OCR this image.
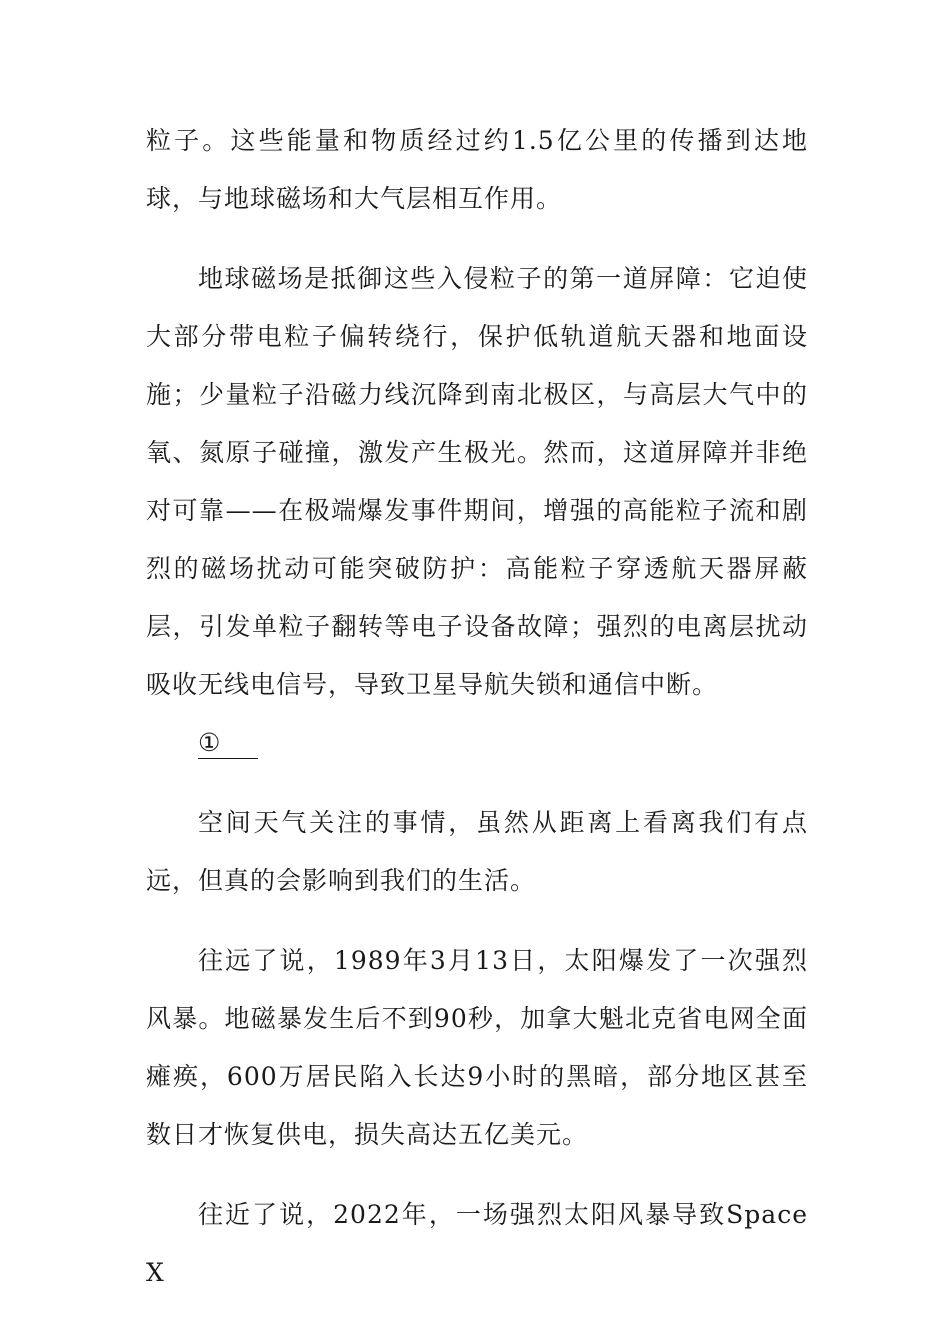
粒子。这些能量和物质经过约1.5亿公里的传播到达地球，与地球磁场和大气层相互作用。

地球磁场是抵御这些入侵粒子的第一道屏障：它迫使大部分带电粒子偏转绕行，保护低轨道航天器和地面设施；少量粒子沿磁力线沉降到南北极区，与高层大气中的氧、氮原子碰撞，激发产生极光。然而，这道屏障并非绝对可靠——在极端爆发事件期间，增强的高能粒子流和剧烈的磁场扰动可能突破防护：高能粒子穿透航天器屏蔽层，引发单粒子翻转等电子设备故障；强烈的电离层扰动吸收无线电信号，导致卫星导航失锁和通信中断。

①

空间天气关注的事情，虽然从距离上看离我们有点远，但真的会影响到我们的生活。

往远了说，1989年3月13日，太阳爆发了一次强烈风暴。地磁暴发生后不到90秒，加拿大魁北克省电网全面瘫痪，600万居民陷入长达9小时的黑暗，部分地区甚至数日才恢复供电，损失高达五亿美元。

往近了说，2022年，一场强烈太阳风暴导致SpaceX
